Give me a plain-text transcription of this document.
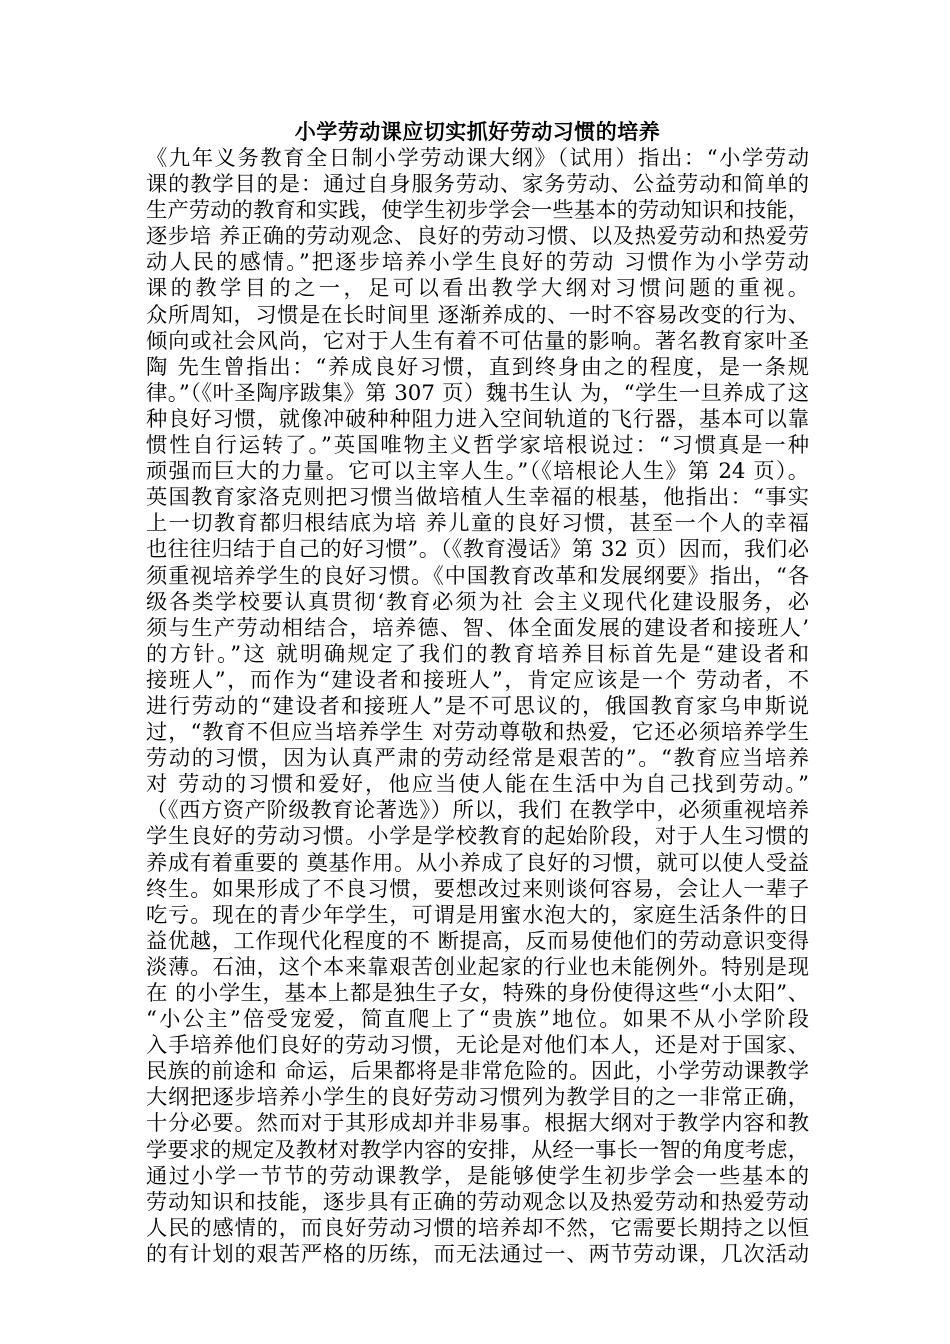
小学劳动课应切实抓好劳动习惯的培养
《九年义务教育全日制小学劳动课大纲》（试用）指出：“小学劳动
课的教学目的是：通过自身服务劳动、家务劳动、公益劳动和简单的
生产劳动的教育和实践，使学生初步学会一些基本的劳动知识和技能，
逐步培 养正确的劳动观念、良好的劳动习惯、以及热爱劳动和热爱劳
动人民的感情。”把逐步培养小学生良好的劳动 习惯作为小学劳动
课的教学目的之一，足可以看出教学大纲对习惯问题的重视。
众所周知，习惯是在长时间里 逐渐养成的、一时不容易改变的行为、
倾向或社会风尚，它对于人生有着不可估量的影响。著名教育家叶圣
陶 先生曾指出：“养成良好习惯，直到终身由之的程度，是一条规
律。”（《叶圣陶序跋集》第 307 页）魏书生认 为，“学生一旦养成了这
种良好习惯，就像冲破种种阻力进入空间轨道的飞行器，基本可以靠
惯性自行运转了。”英国唯物主义哲学家培根说过：“习惯真是一种
顽强而巨大的力量。它可以主宰人生。”（《培根论人生》第 24 页）。
英国教育家洛克则把习惯当做培植人生幸福的根基，他指出：“事实
上一切教育都归根结底为培 养儿童的良好习惯，甚至一个人的幸福
也往往归结于自己的好习惯”。（《教育漫话》第 32 页）因而，我们必
须重视培养学生的良好习惯。《中国教育改革和发展纲要》指出，“各
级各类学校要认真贯彻‘教育必须为社 会主义现代化建设服务，必
须与生产劳动相结合，培养德、智、体全面发展的建设者和接班人’
的方针。”这 就明确规定了我们的教育培养目标首先是“建设者和
接班人”，而作为“建设者和接班人”，肯定应该是一个 劳动者，不
进行劳动的“建设者和接班人”是不可思议的，俄国教育家乌申斯说
过，“教育不但应当培养学生 对劳动尊敬和热爱，它还必须培养学生
劳动的习惯，因为认真严肃的劳动经常是艰苦的”。“教育应当培养
对 劳动的习惯和爱好，他应当使人能在生活中为自己找到劳动。”
（《西方资产阶级教育论著选》）所以，我们 在教学中，必须重视培养
学生良好的劳动习惯。小学是学校教育的起始阶段，对于人生习惯的
养成有着重要的 奠基作用。从小养成了良好的习惯，就可以使人受益
终生。如果形成了不良习惯，要想改过来则谈何容易，会让人一辈子
吃亏。现在的青少年学生，可谓是用蜜水泡大的，家庭生活条件的日
益优越，工作现代化程度的不 断提高，反而易使他们的劳动意识变得
淡薄。石油，这个本来靠艰苦创业起家的行业也未能例外。特别是现
在 的小学生，基本上都是独生子女，特殊的身份使得这些“小太阳”、
“小公主”倍受宠爱，简直爬上了“贵族”地位。如果不从小学阶段
入手培养他们良好的劳动习惯，无论是对他们本人，还是对于国家、
民族的前途和 命运，后果都将是非常危险的。因此，小学劳动课教学
大纲把逐步培养小学生的良好劳动习惯列为教学目的之一非常正确，
十分必要。然而对于其形成却并非易事。根据大纲对于教学内容和教
学要求的规定及教材对教学内容的安排，从经一事长一智的角度考虑，
通过小学一节节的劳动课教学，是能够使学生初步学会一些基本的
劳动知识和技能，逐步具有正确的劳动观念以及热爱劳动和热爱劳动
人民的感情的，而良好劳动习惯的培养却不然，它需要长期持之以恒
的有计划的艰苦严格的历练，而无法通过一、两节劳动课，几次活动
